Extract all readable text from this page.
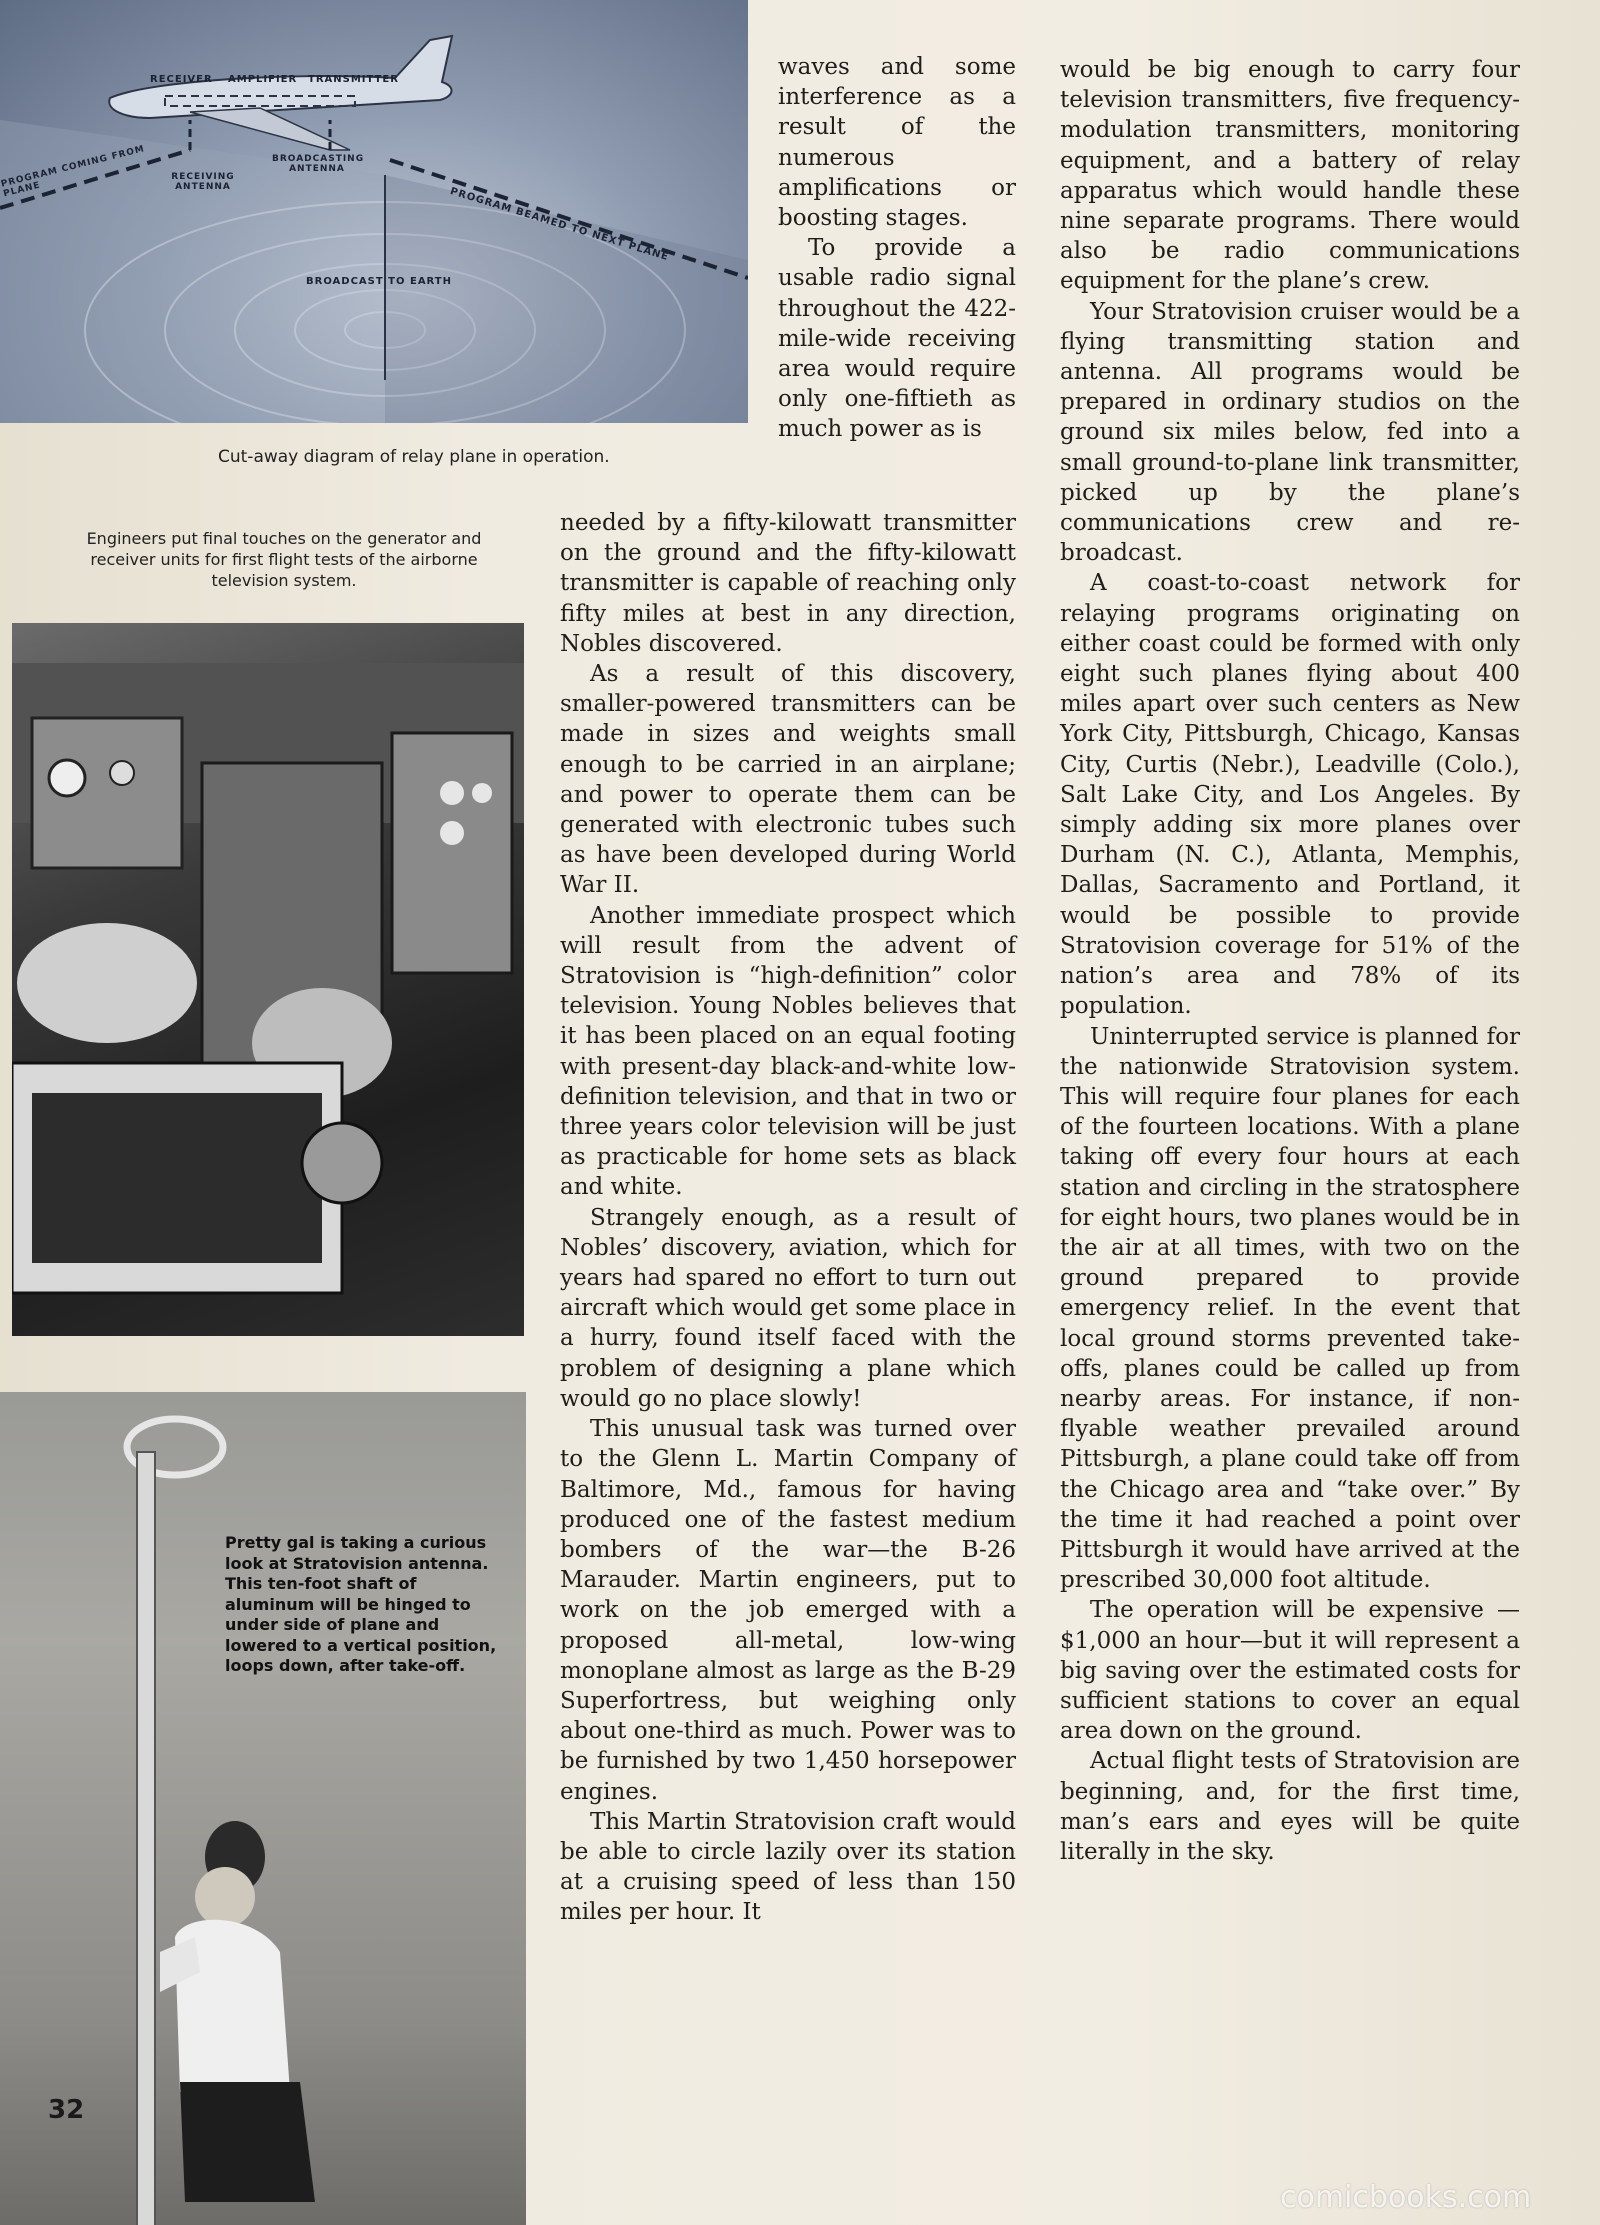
RECEIVER AMPLIFIER TRANSMITTER
RECEIVING ANTENNA
BROADCASTING ANTENNA
PROGRAM COMING FROM PLANE	PROGRAM BEAMED TO NEXT PLANE
BROADCAST TO EARTH
Cut-away diagram of relay plane in operation.
Engineers put final touches on the generator and receiver units for first flight tests of the airborne television system.
Pretty gal is taking a curious look at Stratovision antenna. This ten-foot shaft of aluminum will be hinged to under side of plane and lowered to a vertical position, loops down, after take-off.
32

waves and some interference as a result of the numerous amplifications or boosting stages.

To provide a usable radio signal throughout the 422-mile-wide receiving area would require only one-fiftieth as much power as is

needed by a fifty-kilowatt transmitter on the ground and the fifty-kilowatt transmitter is capable of reaching only fifty miles at best in any direction, Nobles discovered.

As a result of this discovery, smaller-powered transmitters can be made in sizes and weights small enough to be carried in an airplane; and power to operate them can be generated with electronic tubes such as have been developed during World War II.

Another immediate prospect which will result from the advent of Stratovision is “high-definition” color television. Young Nobles believes that it has been placed on an equal footing with present-day black-and-white low-definition television, and that in two or three years color television will be just as practicable for home sets as black and white.

Strangely enough, as a result of Nobles’ discovery, aviation, which for years had spared no effort to turn out aircraft which would get some place in a hurry, found itself faced with the problem of designing a plane which would go no place slowly!

This unusual task was turned over to the Glenn L. Martin Company of Baltimore, Md., famous for having produced one of the fastest medium bombers of the war—the B-26 Marauder. Martin engineers, put to work on the job emerged with a proposed all-metal, low-wing monoplane almost as large as the B-29 Superfortress, but weighing only about one-third as much. Power was to be furnished by two 1,450 horsepower engines.

This Martin Stratovision craft would be able to circle lazily over its station at a cruising speed of less than 150 miles per hour. It

would be big enough to carry four television transmitters, five frequency-modulation transmitters, monitoring equipment, and a battery of relay apparatus which would handle these nine separate programs. There would also be radio communications equipment for the plane’s crew.

Your Stratovision cruiser would be a flying transmitting station and antenna. All programs would be prepared in ordinary studios on the ground six miles below, fed into a small ground-to-plane link transmitter, picked up by the plane’s communications crew and re-broadcast.

A coast-to-coast network for relaying programs originating on either coast could be formed with only eight such planes flying about 400 miles apart over such centers as New York City, Pittsburgh, Chicago, Kansas City, Curtis (Nebr.), Leadville (Colo.), Salt Lake City, and Los Angeles. By simply adding six more planes over Durham (N. C.), Atlanta, Memphis, Dallas, Sacramento and Portland, it would be possible to provide Stratovision coverage for 51% of the nation’s area and 78% of its population.

Uninterrupted service is planned for the nationwide Stratovision system. This will require four planes for each of the fourteen locations. With a plane taking off every four hours at each station and circling in the stratosphere for eight hours, two planes would be in the air at all times, with two on the ground prepared to provide emergency relief. In the event that local ground storms prevented take-offs, planes could be called up from nearby areas. For instance, if non-flyable weather prevailed around Pittsburgh, a plane could take off from the Chicago area and “take over.” By the time it had reached a point over Pittsburgh it would have arrived at the prescribed 30,000 foot altitude.

The operation will be expensive —$1,000 an hour—but it will represent a big saving over the estimated costs for sufficient stations to cover an equal area down on the ground.

Actual flight tests of Stratovision are beginning, and, for the first time, man’s ears and eyes will be quite literally in the sky.

comicbooks.com
